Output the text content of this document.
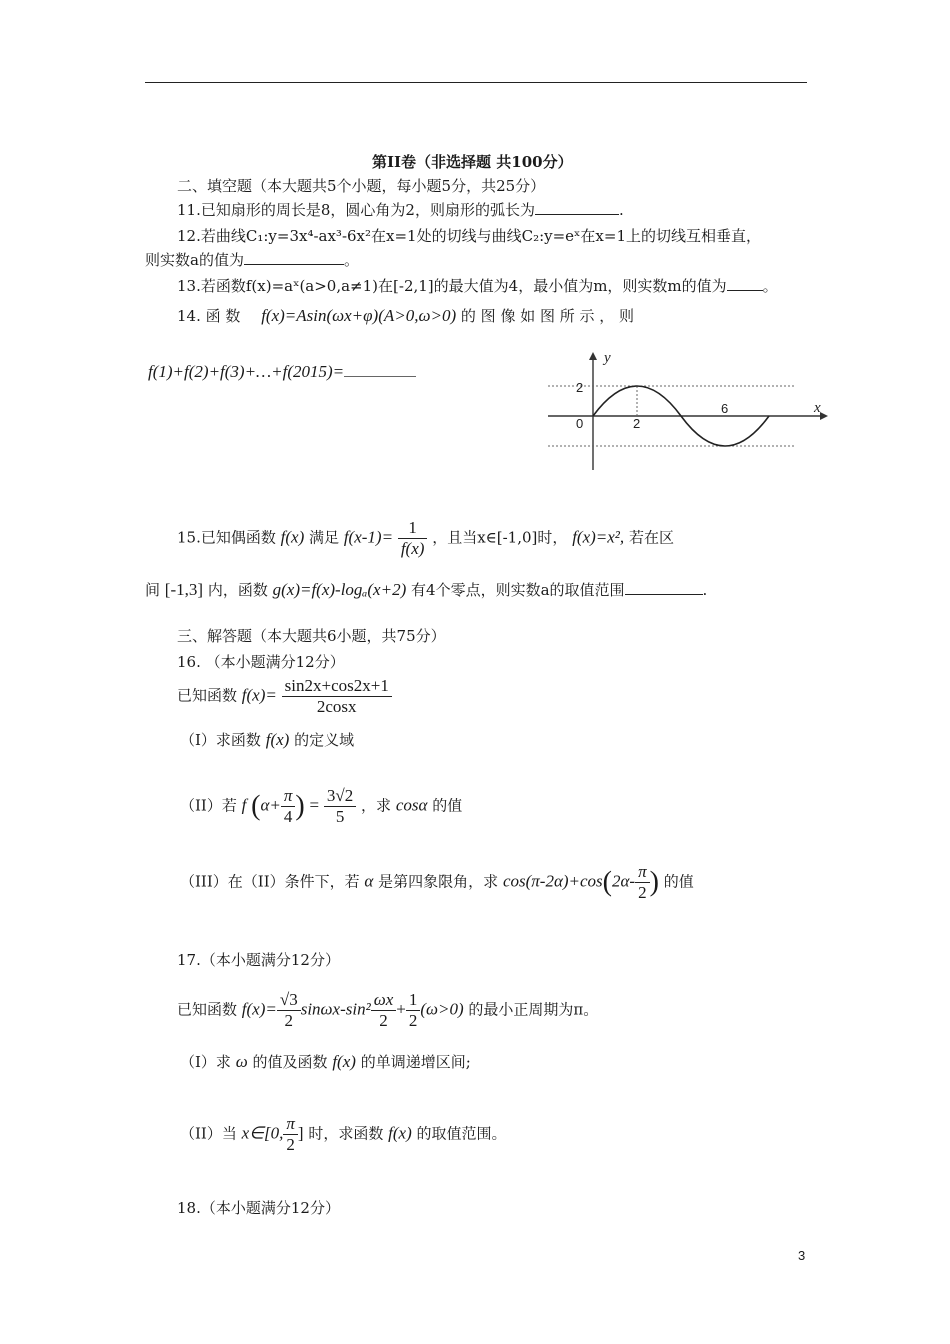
第II卷（非选择题 共100分）
二、填空题（本大题共5个小题，每小题5分，共25分）
11.已知扇形的周长是8，圆心角为2，则扇形的弧长为	.
12.若曲线C₁:y=3x⁴-ax³-6x²在x=1处的切线与曲线C₂:y=eˣ在x=1上的切线互相垂直，
则实数a的值为	。
13.若函数f(x)=aˣ(a>0,a≠1)在[-2,1]的最大值为4，最小值为m，则实数m的值为 。
14. 函 数 f(x)=Asin(ωx+φ)(A>0,ω>0) 的 图 像 如 图 所 示 ， 则
f(1)+f(2)+f(3)+…+f(2015)=
y
x
0
2
2
6
15.已知偶函数 f(x) 满足 $f(x-1)= \frac{1}{f(x)}$ ，且当x∈[-1,0]时， f(x)=x², 若在区
间 [-1,3] 内，函数 g(x)=f(x)-logₐ(x+2) 有4个零点，则实数a的取值范围	.
三、解答题（本大题共6小题，共75分）
16. （本小题满分12分）
已知函数 $f(x)= \frac{\sin 2x+\cos 2x+1}{2\cos x}$
（I）求函数 f(x) 的定义域
（II）若 f ($\alpha+ \frac{\pi}{4}$ ) = $\frac{3√2}{5}$ ，求 cosα 的值
（III）在（II）条件下，若 α 是第四象限角，求 $\cos(\pi-2\alpha)+\cos(2\alpha- \frac{\pi}{2}$ ) 的值
17.（本小题满分12分）
已知函数 $f(x)= \frac{√3}{2} \sin\omega x-\sin^2 \frac{\omega x}{2} + \frac{1}{2} (\omega>0)$ 的最小正周期为π。
（I）求 ω 的值及函数 f(x) 的单调递增区间;
（II）当 x∈[0, $\frac{\pi}{2}$ ] 时，求函数 f(x) 的取值范围。
18.（本小题满分12分）
3
